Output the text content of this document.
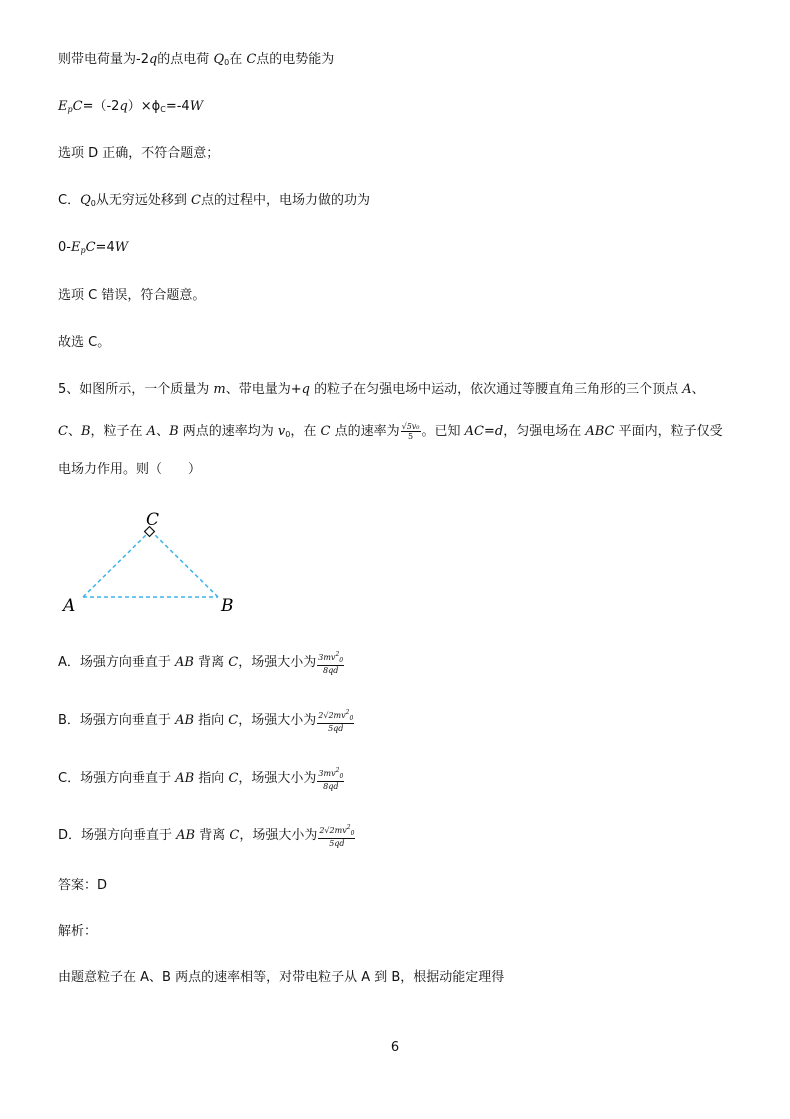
则带电荷量为-2q的点电荷 $Q_0$在 C点的电势能为
$E_pC=(-2q)\times\phi_C=-4W$
选项 D 正确，不符合题意；
C．$Q_0$从无穷远处移到 C点的过程中，电场力做的功为
$0-E_pC=4W$
选项 C 错误，符合题意。
故选 C。
5、如图所示，一个质量为 m、带电量为+q 的粒子在匀强电场中运动，依次通过等腰直角三角形的三个顶点 A、
C、B，粒子在 A、B 两点的速率均为 $v_0$，在 C 点的速率为 $\frac{\text{√5v₀}}{5}$ 。已知 AC=d，匀强电场在 ABC 平面内，粒子仅受
电场力作用。则（　　）
C
A	B
A．场强方向垂直于 AB 背离 C，场强大小为 $\frac{3mv^2_0}{8qd}$
B．场强方向垂直于 AB 指向 C，场强大小为 $\frac{2√2mv^2_0}{5qd}$
C．场强方向垂直于 AB 指向 C，场强大小为 $\frac{3mv^2_0}{8qd}$
D．场强方向垂直于 AB 背离 C，场强大小为 $\frac{2√2mv^2_0}{5qd}$
答案：D
解析：
由题意粒子在 A、B 两点的速率相等，对带电粒子从 A 到 B，根据动能定理得
6
